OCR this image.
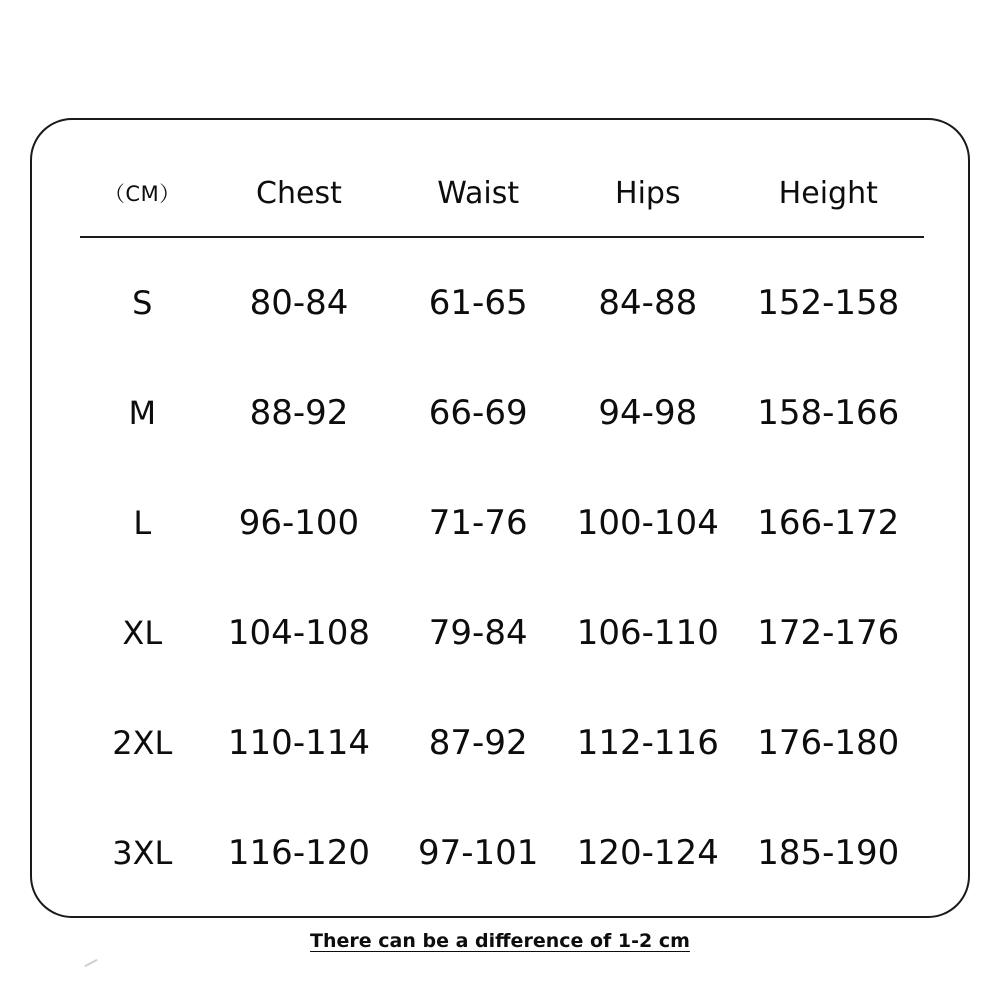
（CM）	Chest	Waist	Hips	Height

S	80-84	61-65	84-88	152-158
M	88-92	66-69	94-98	158-166
L	96-100	71-76	100-104	166-172
XL	104-108	79-84	106-110	172-176
2XL	110-114	87-92	112-116	176-180
3XL	116-120	97-101	120-124	185-190
There can be a difference of 1-2 cm
